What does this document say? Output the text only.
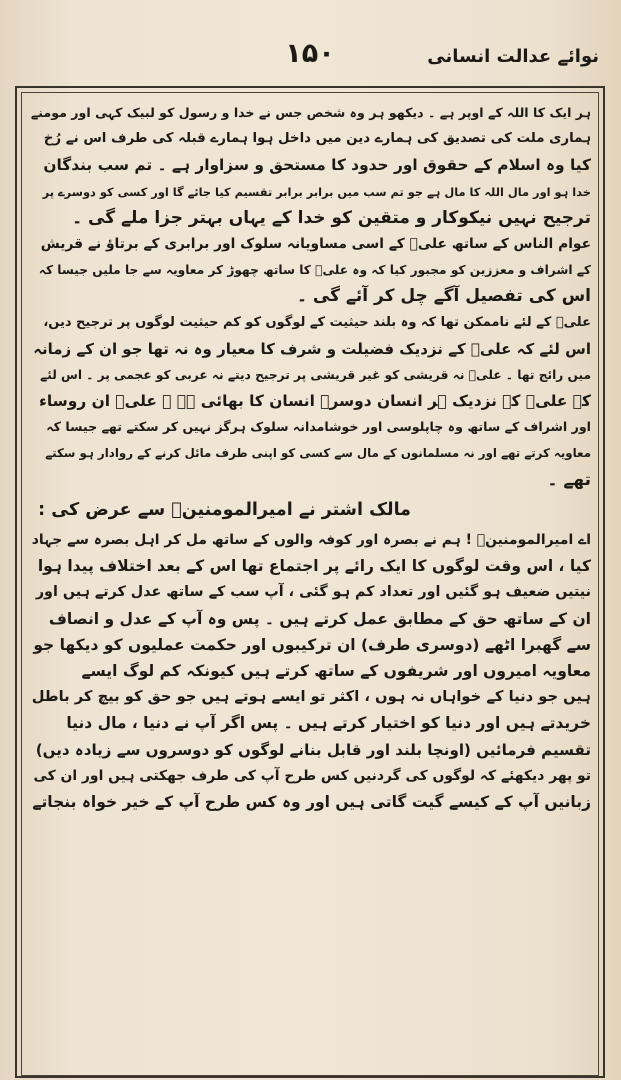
۱۵۰	نوائے عدالت انسانی

ہر ایک کا اللہ کے اوپر ہے ۔ دیکھو ہر وہ شخص جس نے خدا و رسول کو لبیک کہی اور مومنے

ہماری ملت کی تصدیق کی ہمارے دین میں داخل ہوا ہمارے قبلہ کی طرف اس نے رُخ

کیا وہ اسلام کے حقوق اور حدود کا مستحق و سزاوار ہے ۔ تم سب بندگان

خدا ہو اور مال اللہ کا مال ہے جو تم سب میں برابر برابر تقسیم کیا جائے گا اور کسی کو دوسرے پر

ترجیح نہیں نیکوکار و متقین کو خدا کے یہاں بہتر جزا ملے گی ۔

عوام الناس کے ساتھ علیؑ کے اسی مساویانہ سلوک اور برابری کے برتاؤ نے قریش

کے اشراف و معززین کو مجبور کیا کہ وہ علیؑ کا ساتھ چھوڑ کر معاویہ سے جا ملیں جیسا کہ

اس کی تفصیل آگے چل کر آئے گی ۔

علیؑ کے لئے ناممکن تھا کہ وہ بلند حیثیت کے لوگوں کو کم حیثیت لوگوں پر ترجیح دیں،

اس لئے کہ علیؑ کے نزدیک فضیلت و شرف کا معیار وہ نہ تھا جو ان کے زمانہ

میں رائج تھا ۔ علیؑ نہ قریشی کو غیر قریشی پر ترجیح دیتے نہ عربی کو عجمی پر ۔ اس لئے

کہ علیؑ کے نزدیک ہر انسان دوسرے انسان کا بھائی ہے ۔ علیؑ ان روساء

اور اشراف کے ساتھ وہ چاپلوسی اور خوشامدانہ سلوک ہرگز نہیں کر سکتے تھے جیسا کہ

معاویہ کرتے تھے اور نہ مسلمانوں کے مال سے کسی کو اپنی طرف مائل کرنے کے روادار ہو سکتے

تھے ۔

مالک اشتر نے امیرالمومنینؑ سے عرض کی :

اے امیرالمومنینؑ ! ہم نے بصرہ اور کوفہ والوں کے ساتھ مل کر اہل بصرہ سے جہاد

کیا ، اس وقت لوگوں کا ایک رائے پر اجتماع تھا اس کے بعد اختلاف پیدا ہوا

نیتیں ضعیف ہو گئیں اور تعداد کم ہو گئی ، آپ سب کے ساتھ عدل کرتے ہیں اور

ان کے ساتھ حق کے مطابق عمل کرتے ہیں ۔ پس وہ آپ کے عدل و انصاف

سے گھبرا اٹھے (دوسری طرف) ان ترکیبوں اور حکمت عملیوں کو دیکھا جو

معاویہ امیروں اور شریفوں کے ساتھ کرتے ہیں کیونکہ کم لوگ ایسے

ہیں جو دنیا کے خواہاں نہ ہوں ، اکثر تو ایسے ہوتے ہیں جو حق کو بیچ کر باطل

خریدتے ہیں اور دنیا کو اختیار کرتے ہیں ۔ پس اگر آپ نے دنیا ، مال دنیا

تقسیم فرمائیں (اونچا بلند اور قابل بنانے لوگوں کو دوسروں سے زیادہ دیں)

تو پھر دیکھئے کہ لوگوں کی گردنیں کس طرح آپ کی طرف جھکتی ہیں اور ان کی

زبانیں آپ کے کیسے گیت گاتی ہیں اور وہ کس طرح آپ کے خیر خواہ بنجاتے
